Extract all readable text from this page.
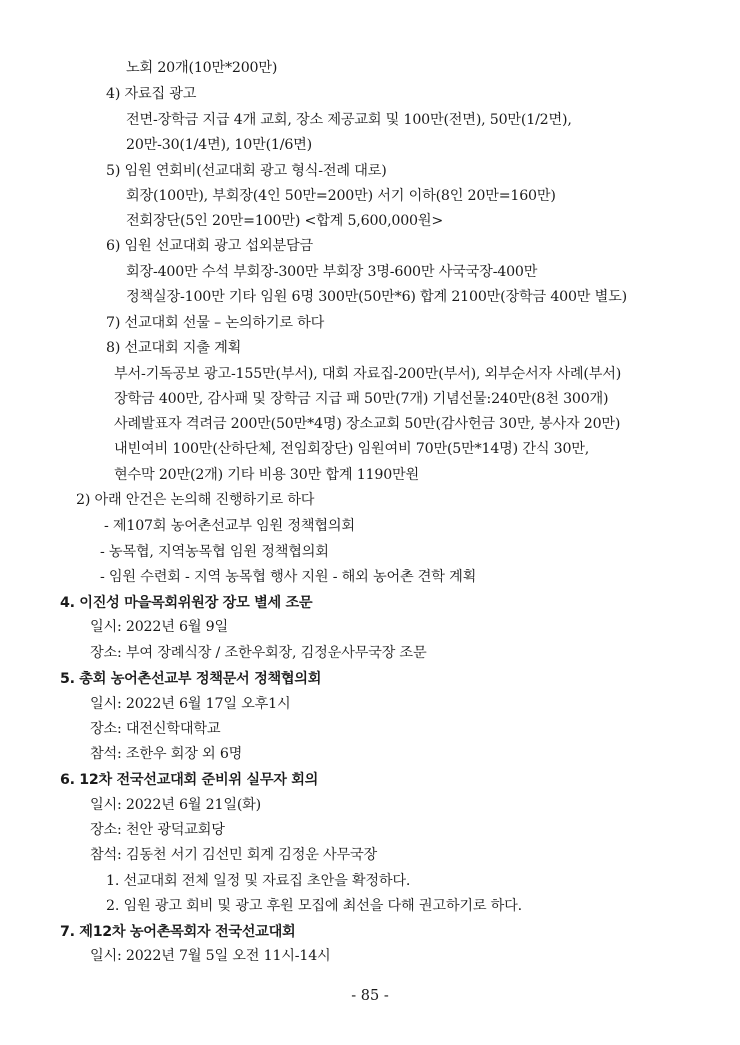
노회 20개(10만*200만)
4) 자료집 광고
전면-장학금 지급 4개 교회, 장소 제공교회 및 100만(전면), 50만(1/2면),
20만-30(1/4면), 10만(1/6면)
5) 임원 연회비(선교대회 광고 형식-전례 대로)
회장(100만), 부회장(4인 50만=200만) 서기 이하(8인 20만=160만)
전회장단(5인 20만=100만) <합계 5,600,000원>
6) 임원 선교대회 광고 섭외분담금
회장-400만 수석 부회장-300만 부회장 3명-600만 사국국장-400만
정책실장-100만 기타 임원 6명 300만(50만*6) 합계 2100만(장학금 400만 별도)
7) 선교대회 선물 – 논의하기로 하다
8) 선교대회 지출 계획
부서-기독공보 광고-155만(부서), 대회 자료집-200만(부서), 외부순서자 사례(부서)
장학금 400만, 감사패 및 장학금 지급 패 50만(7개) 기념선물:240만(8천 300개)
사례발표자 격려금 200만(50만*4명) 장소교회 50만(감사헌금 30만, 봉사자 20만)
내빈여비 100만(산하단체, 전임회장단) 임원여비 70만(5만*14명) 간식 30만,
현수막 20만(2개) 기타 비용 30만 합계 1190만원
2) 아래 안건은 논의해 진행하기로 하다
- 제107회 농어촌선교부 임원 정책협의회
- 농목협, 지역농목협 임원 정책협의회
- 임원 수련회 - 지역 농목협 행사 지원 - 해외 농어촌 견학 계획
4. 이진성 마을목회위원장 장모 별세 조문
일시: 2022년 6월 9일
장소: 부여 장례식장 / 조한우회장, 김정운사무국장 조문
5. 총회 농어촌선교부 정책문서 정책협의회
일시: 2022년 6월 17일 오후1시
장소: 대전신학대학교
참석: 조한우 회장 외 6명
6. 12차 전국선교대회 준비위 실무자 회의
일시: 2022년 6월 21일(화)
장소: 천안 광덕교회당
참석: 김동천 서기 김선민 회계 김정운 사무국장
1. 선교대회 전체 일정 및 자료집 초안을 확정하다.
2. 임원 광고 회비 및 광고 후원 모집에 최선을 다해 권고하기로 하다.
7. 제12차 농어촌목회자 전국선교대회
일시: 2022년 7월 5일 오전 11시-14시
- 85 -
